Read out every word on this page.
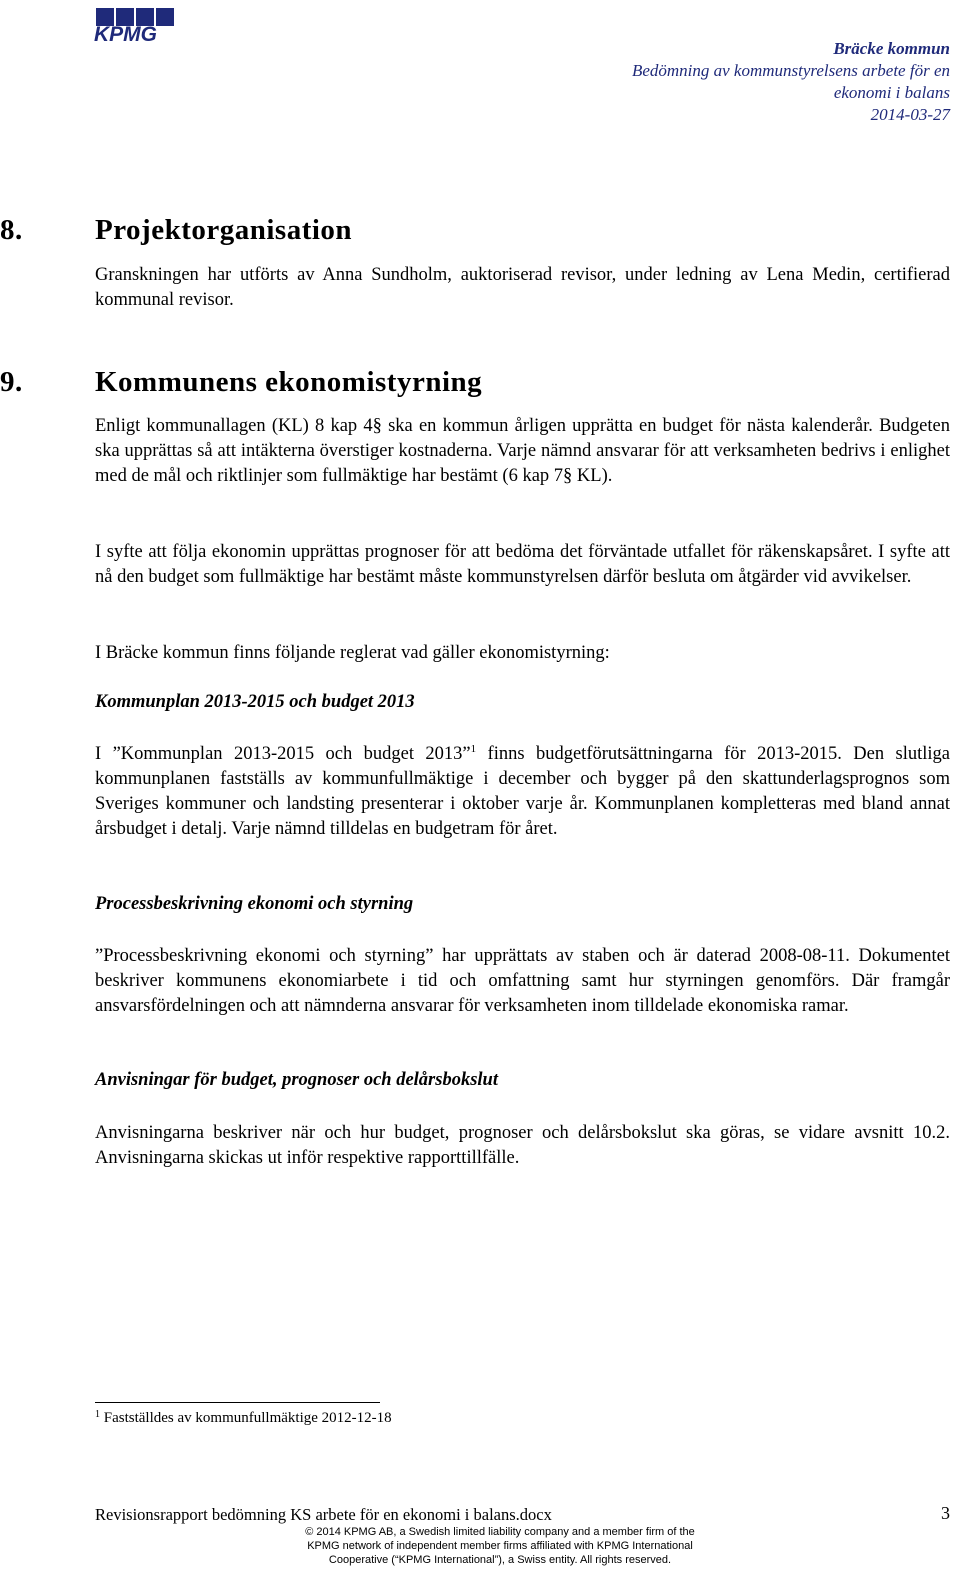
KPMG
Bräcke kommun
Bedömning av kommunstyrelsens arbete för en
ekonomi i balans
2014-03-27
8. Projektorganisation
Granskningen har utförts av Anna Sundholm, auktoriserad revisor, under ledning av Lena Medin, certifierad kommunal revisor.
9. Kommunens ekonomistyrning
Enligt kommunallagen (KL) 8 kap 4§ ska en kommun årligen upprätta en budget för nästa kalenderår. Budgeten ska upprättas så att intäkterna överstiger kostnaderna. Varje nämnd ansvarar för att verksamheten bedrivs i enlighet med de mål och riktlinjer som fullmäktige har bestämt (6 kap 7§ KL).
I syfte att följa ekonomin upprättas prognoser för att bedöma det förväntade utfallet för räkenskapsåret. I syfte att nå den budget som fullmäktige har bestämt måste kommunstyrelsen därför besluta om åtgärder vid avvikelser.
I Bräcke kommun finns följande reglerat vad gäller ekonomistyrning:
Kommunplan 2013-2015 och budget 2013
I ”Kommunplan 2013-2015 och budget 2013”$^1$ finns budgetförutsättningarna för 2013-2015. Den slutliga kommunplanen fastställs av kommunfullmäktige i december och bygger på den skattunderlagsprognos som Sveriges kommuner och landsting presenterar i oktober varje år. Kommunplanen kompletteras med bland annat årsbudget i detalj. Varje nämnd tilldelas en budgetram för året.
Processbeskrivning ekonomi och styrning
”Processbeskrivning ekonomi och styrning” har upprättats av staben och är daterad 2008-08-11. Dokumentet beskriver kommunens ekonomiarbete i tid och omfattning samt hur styrningen genomförs. Där framgår ansvarsfördelningen och att nämnderna ansvarar för verksamheten inom tilldelade ekonomiska ramar.
Anvisningar för budget, prognoser och delårsbokslut
Anvisningarna beskriver när och hur budget, prognoser och delårsbokslut ska göras, se vidare avsnitt 10.2. Anvisningarna skickas ut inför respektive rapporttillfälle.
$^1$ Fastställdes av kommunfullmäktige 2012-12-18
Revisionsrapport bedömning KS arbete för en ekonomi i balans.docx	3
© 2014 KPMG AB, a Swedish limited liability company and a member firm of the
KPMG network of independent member firms affiliated with KPMG International
Cooperative (“KPMG International”), a Swiss entity. All rights reserved.
